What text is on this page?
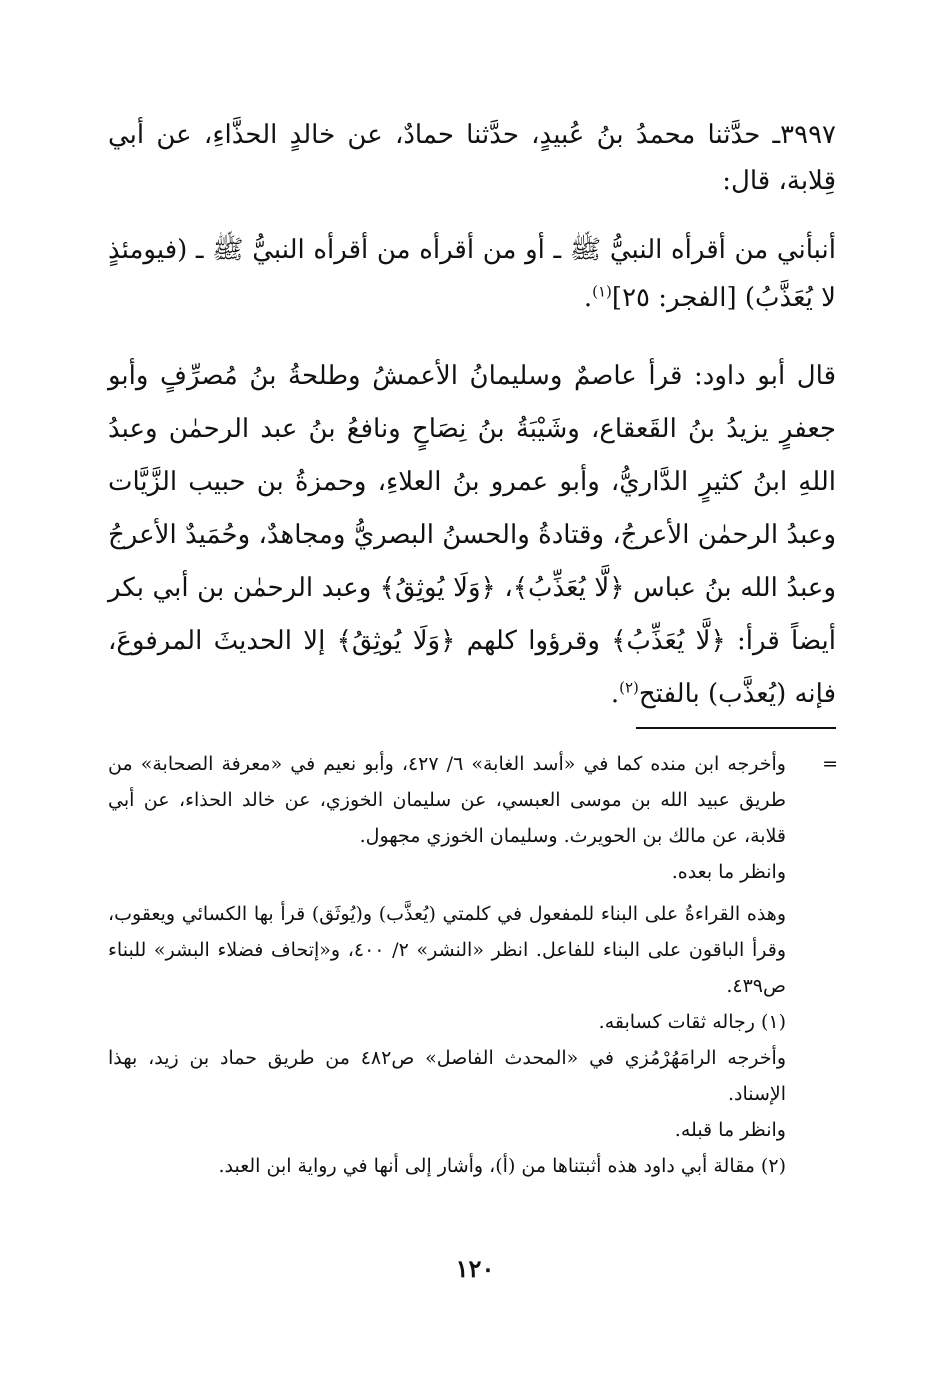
٣٩٩٧ـ حدَّثنا محمدُ بنُ عُبيدٍ، حدَّثنا حمادٌ، عن خالدٍ الحذَّاءِ، عن أبي قِلابة، قال:

أنبأني من أقرأه النبيُّ ﷺ ـ أو من أقرأه من أقرأه النبيُّ ﷺ ـ (فيومئذٍ لا يُعَذَّبُ) [الفجر: ٢٥]$^{(١)}$.

قال أبو داود: قرأ عاصمٌ وسليمانُ الأعمشُ وطلحةُ بنُ مُصرِّفٍ وأبو جعفرٍ يزيدُ بنُ القَعقاع، وشَيْبَةُ بنُ نِصَاحٍ ونافعُ بنُ عبد الرحمٰن وعبدُ اللهِ ابنُ كثيرٍ الدَّاريُّ، وأبو عمرو بنُ العلاءِ، وحمزةُ بن حبيب الزَّيَّات وعبدُ الرحمٰن الأعرجُ، وقتادةُ والحسنُ البصريُّ ومجاهدٌ، وحُمَيدٌ الأعرجُ وعبدُ الله بنُ عباس ﴿لَّا يُعَذِّبُ﴾، ﴿وَلَا يُوثِقُ﴾ وعبد الرحمٰن بن أبي بكر أيضاً قرأ: ﴿لَّا يُعَذِّبُ﴾ وقرؤوا كلهم ﴿وَلَا يُوثِقُ﴾ إلا الحديثَ المرفوعَ، فإنه (يُعذَّب) بالفتح$^{(٢)}$.

=
وأخرجه ابن منده كما في «أسد الغابة» ٦/ ٤٢٧، وأبو نعيم في «معرفة الصحابة» من طريق عبيد الله بن موسى العبسي، عن سليمان الخوزي، عن خالد الحذاء، عن أبي قلابة، عن مالك بن الحويرث. وسليمان الخوزي مجهول.

وانظر ما بعده.

وهذه القراءةُ على البناء للمفعول في كلمتي (يُعذَّب) و(يُوثَق) قرأ بها الكسائي ويعقوب، وقرأ الباقون على البناء للفاعل. انظر «النشر» ٢/ ٤٠٠، و«إتحاف فضلاء البشر» للبناء ص٤٣٩.

(١) رجاله ثقات كسابقه.

وأخرجه الرامَهُرْمُزي في «المحدث الفاصل» ص٤٨٢ من طريق حماد بن زيد، بهذا الإسناد.

وانظر ما قبله.

(٢) مقالة أبي داود هذه أثبتناها من (أ)، وأشار إلى أنها في رواية ابن العبد.

١٢٠
